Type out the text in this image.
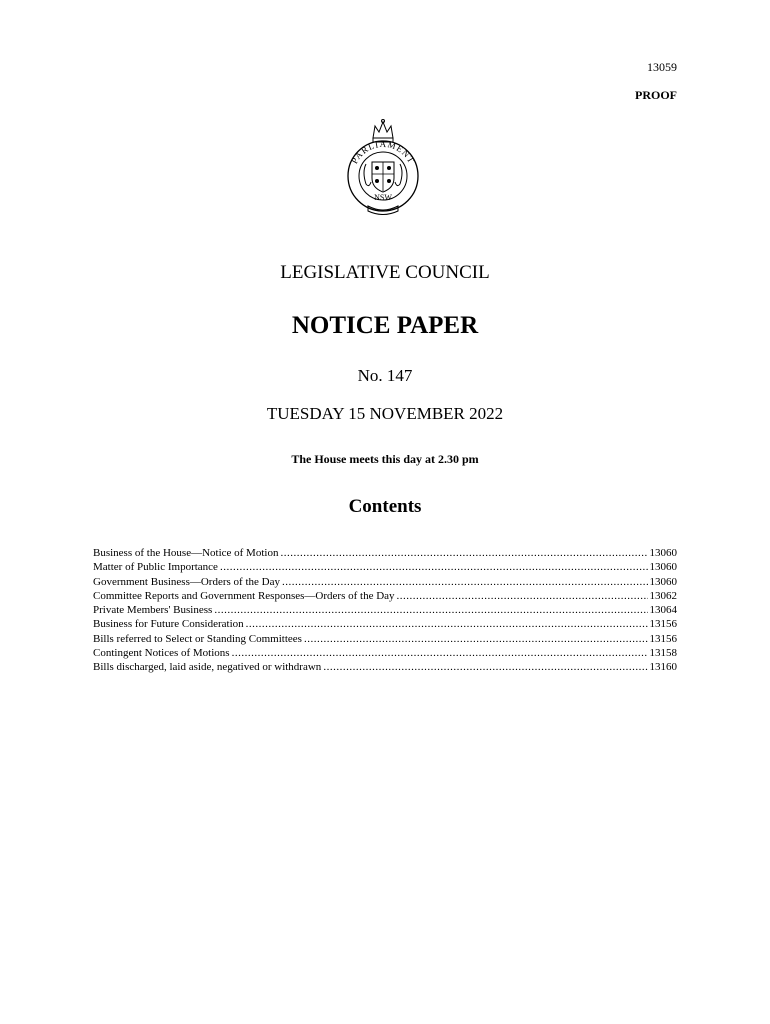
13059
PROOF
PARLIAMENT
NSW
LEGISLATIVE COUNCIL
NOTICE PAPER
No. 147
TUESDAY 15 NOVEMBER 2022
The House meets this day at 2.30 pm
Contents
Business of the House—Notice of Motion .....	13060
Matter of Public Importance .....	13060
Government Business—Orders of the Day .....	13060
Committee Reports and Government Responses—Orders of the Day .....	13062
Private Members' Business .....	13064
Business for Future Consideration .....	13156
Bills referred to Select or Standing Committees .....	13156
Contingent Notices of Motions .....	13158
Bills discharged, laid aside, negatived or withdrawn .....	13160
